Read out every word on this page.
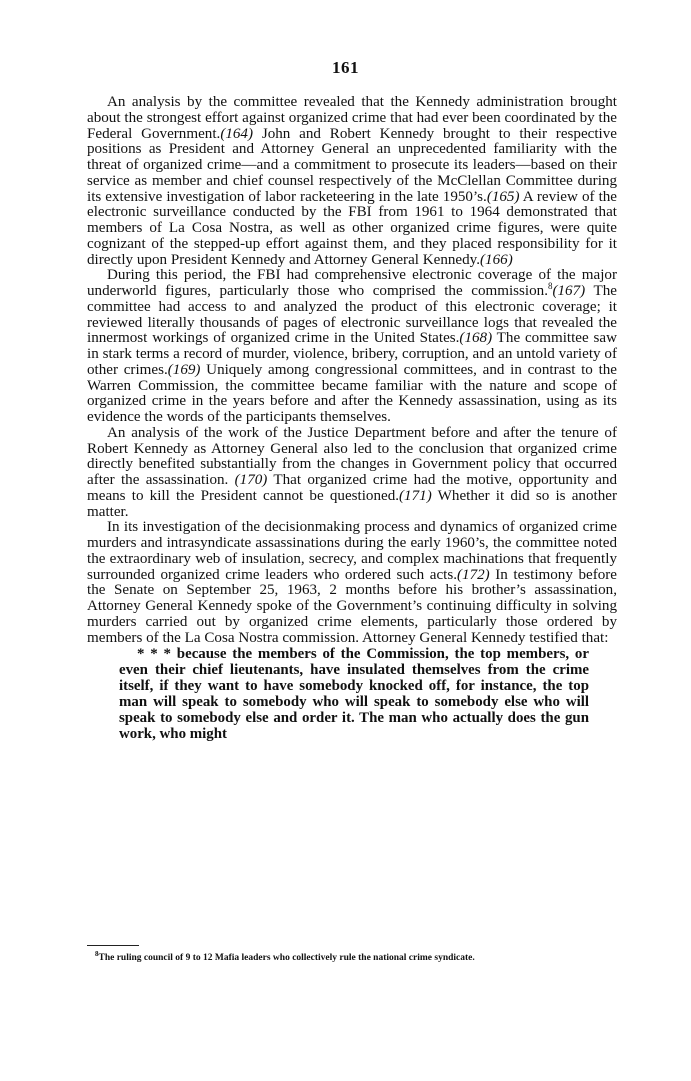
161

An analysis by the committee revealed that the Kennedy administration brought about the strongest effort against organized crime that had ever been coordinated by the Federal Government.(164) John and Robert Kennedy brought to their respective positions as President and Attorney General an unprecedented familiarity with the threat of organized crime—and a commitment to prosecute its leaders—based on their service as member and chief counsel respectively of the McClellan Committee during its extensive investigation of labor racketeering in the late 1950’s.(165) A review of the electronic surveillance conducted by the FBI from 1961 to 1964 demonstrated that members of La Cosa Nostra, as well as other organized crime figures, were quite cognizant of the stepped-up effort against them, and they placed responsibility for it directly upon President Kennedy and Attorney General Kennedy.(166)

During this period, the FBI had comprehensive electronic coverage of the major underworld figures, particularly those who comprised the commission.$^8$(167) The committee had access to and analyzed the product of this electronic coverage; it reviewed literally thousands of pages of electronic surveillance logs that revealed the innermost workings of organized crime in the United States.(168) The committee saw in stark terms a record of murder, violence, bribery, corruption, and an untold variety of other crimes.(169) Uniquely among congressional committees, and in contrast to the Warren Commission, the committee became familiar with the nature and scope of organized crime in the years before and after the Kennedy assassination, using as its evidence the words of the participants themselves.

An analysis of the work of the Justice Department before and after the tenure of Robert Kennedy as Attorney General also led to the conclusion that organized crime directly benefited substantially from the changes in Government policy that occurred after the assassination. (170) That organized crime had the motive, opportunity and means to kill the President cannot be questioned.(171) Whether it did so is another matter.

In its investigation of the decisionmaking process and dynamics of organized crime murders and intrasyndicate assassinations during the early 1960’s, the committee noted the extraordinary web of insulation, secrecy, and complex machinations that frequently surrounded organized crime leaders who ordered such acts.(172) In testimony before the Senate on September 25, 1963, 2 months before his brother’s assassination, Attorney General Kennedy spoke of the Government’s continuing difficulty in solving murders carried out by organized crime elements, particularly those ordered by members of the La Cosa Nostra commission. Attorney General Kennedy testified that:

* * * because the members of the Commission, the top members, or even their chief lieutenants, have insulated themselves from the crime itself, if they want to have somebody knocked off, for instance, the top man will speak to somebody who will speak to somebody else who will speak to somebody else and order it. The man who actually does the gun work, who might

$^8$The ruling council of 9 to 12 Mafia leaders who collectively rule the national crime syndicate.
